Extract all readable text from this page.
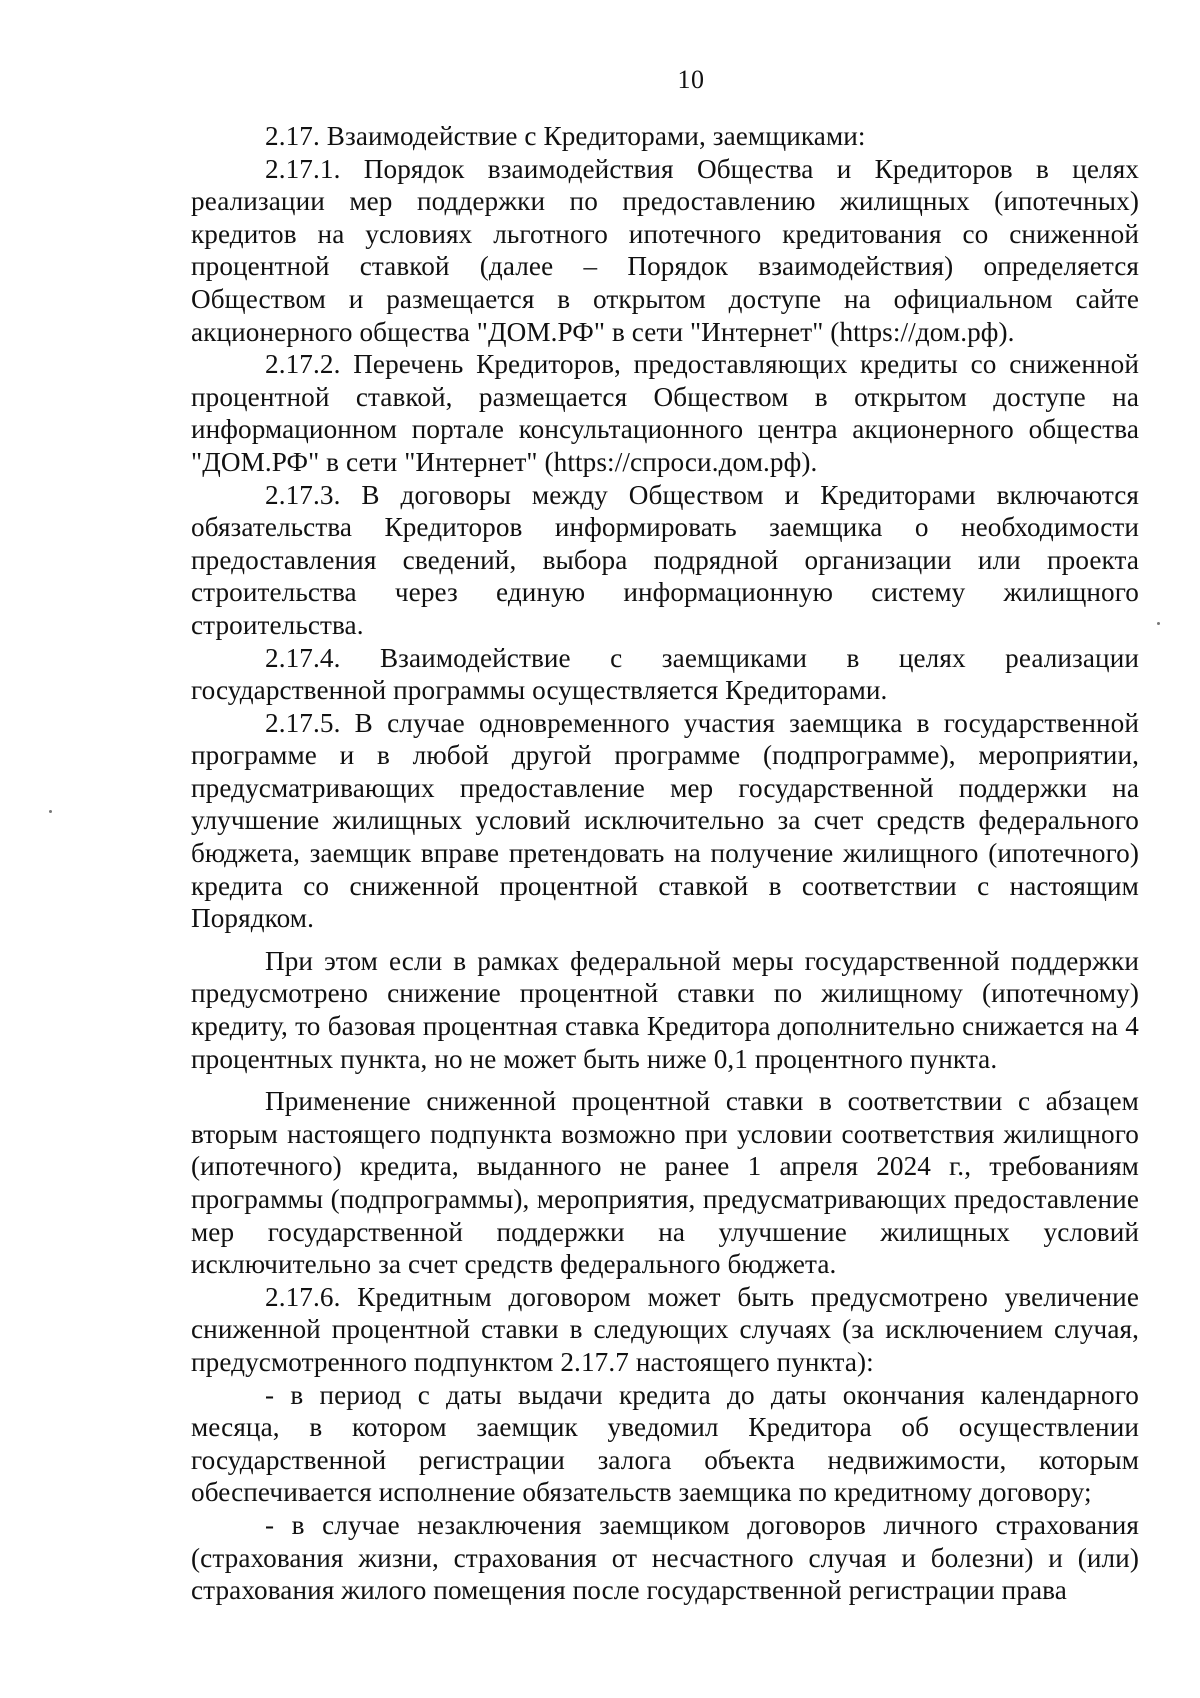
10

2.17. Взаимодействие с Кредиторами, заемщиками:

2.17.1. Порядок взаимодействия Общества и Кредиторов в целях реализации мер поддержки по предоставлению жилищных (ипотечных) кредитов на условиях льготного ипотечного кредитования со сниженной процентной ставкой (далее – Порядок взаимодействия) определяется Обществом и размещается в открытом доступе на официальном сайте акционерного общества "ДОМ.РФ" в сети "Интернет" (https://дом.рф).

2.17.2. Перечень Кредиторов, предоставляющих кредиты со сниженной процентной ставкой, размещается Обществом в открытом доступе на информационном портале консультационного центра акционерного общества "ДОМ.РФ" в сети "Интернет" (https://спроси.дом.рф).

2.17.3. В договоры между Обществом и Кредиторами включаются обязательства Кредиторов информировать заемщика о необходимости предоставления сведений, выбора подрядной организации или проекта строительства через единую информационную систему жилищного строительства.

2.17.4. Взаимодействие с заемщиками в целях реализации государственной программы осуществляется Кредиторами.

2.17.5. В случае одновременного участия заемщика в государственной программе и в любой другой программе (подпрограмме), мероприятии, предусматривающих предоставление мер государственной поддержки на улучшение жилищных условий исключительно за счет средств федерального бюджета, заемщик вправе претендовать на получение жилищного (ипотечного) кредита со сниженной процентной ставкой в соответствии с настоящим Порядком.

При этом если в рамках федеральной меры государственной поддержки предусмотрено снижение процентной ставки по жилищному (ипотечному) кредиту, то базовая процентная ставка Кредитора дополнительно снижается на 4 процентных пункта, но не может быть ниже 0,1 процентного пункта.

Применение сниженной процентной ставки в соответствии с абзацем вторым настоящего подпункта возможно при условии соответствия жилищного (ипотечного) кредита, выданного не ранее 1 апреля 2024 г., требованиям программы (подпрограммы), мероприятия, предусматривающих предоставление мер государственной поддержки на улучшение жилищных условий исключительно за счет средств федерального бюджета.

2.17.6. Кредитным договором может быть предусмотрено увеличение сниженной процентной ставки в следующих случаях (за исключением случая, предусмотренного подпунктом 2.17.7 настоящего пункта):

- в период с даты выдачи кредита до даты окончания календарного месяца, в котором заемщик уведомил Кредитора об осуществлении государственной регистрации залога объекта недвижимости, которым обеспечивается исполнение обязательств заемщика по кредитному договору;

- в случае незаключения заемщиком договоров личного страхования (страхования жизни, страхования от несчастного случая и болезни) и (или) страхования жилого помещения после государственной регистрации права
